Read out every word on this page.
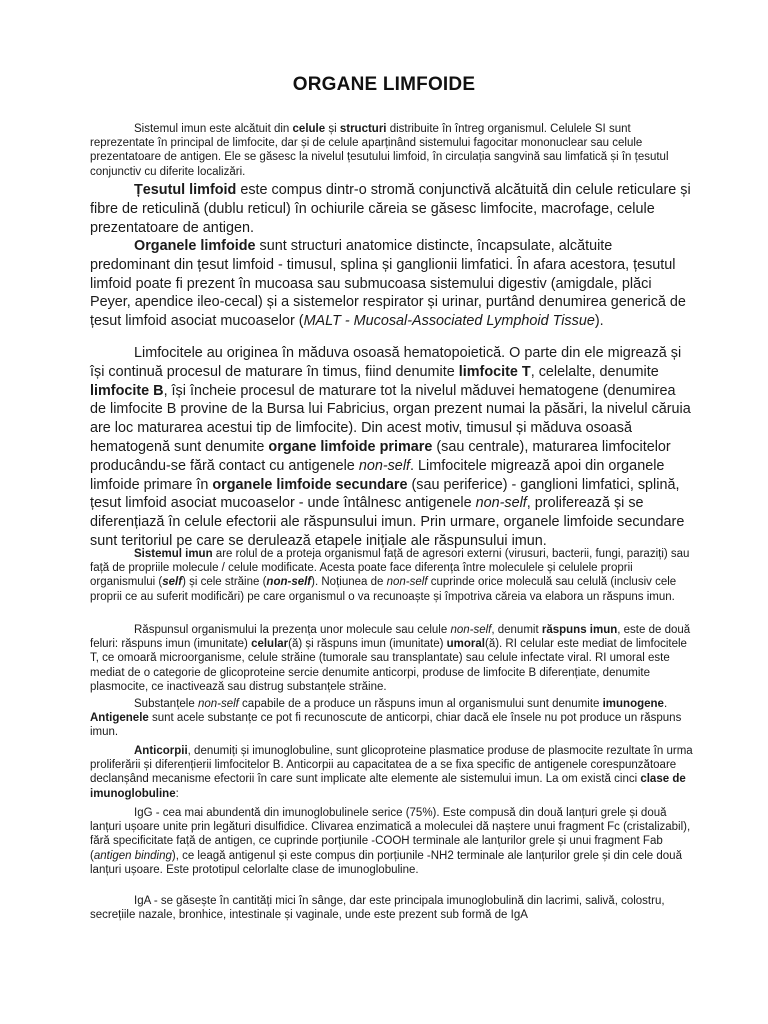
ORGANE LIMFOIDE

Sistemul imun este alcătuit din celule și structuri distribuite în întreg organismul. Celulele SI sunt reprezentate în principal de limfocite, dar și de celule aparținând sistemului fagocitar mononuclear sau celule prezentatoare de antigen. Ele se găsesc la nivelul țesutului limfoid, în circulația sangvină sau limfatică și în țesutul conjunctiv cu diferite localizări.

Țesutul limfoid este compus dintr-o stromă conjunctivă alcătuită din celule reticulare și fibre de reticulină (dublu reticul) în ochiurile căreia se găsesc limfocite, macrofage, celule prezentatoare de antigen.

Organele limfoide sunt structuri anatomice distincte, încapsulate, alcătuite predominant din țesut limfoid - timusul, splina și ganglionii limfatici. În afara acestora, țesutul limfoid poate fi prezent în mucoasa sau submucoasa sistemului digestiv (amigdale, plăci Peyer, apendice ileo-cecal) și a sistemelor respirator și urinar, purtând denumirea generică de țesut limfoid asociat mucoaselor (MALT - Mucosal-Associated Lymphoid Tissue).

Limfocitele au originea în măduva osoasă hematopoietică. O parte din ele migrează și își continuă procesul de maturare în timus, fiind denumite limfocite T, celelalte, denumite limfocite B, își încheie procesul de maturare tot la nivelul măduvei hematogene (denumirea de limfocite B provine de la Bursa lui Fabricius, organ prezent numai la păsări, la nivelul căruia are loc maturarea acestui tip de limfocite). Din acest motiv, timusul și măduva osoasă hematogenă sunt denumite organe limfoide primare (sau centrale), maturarea limfocitelor producându-se fără contact cu antigenele non-self. Limfocitele migrează apoi din organele limfoide primare în organele limfoide secundare (sau periferice) - ganglioni limfatici, splină, țesut limfoid asociat mucoaselor - unde întâlnesc antigenele non-self, proliferează și se diferențiază în celule efectorii ale răspunsului imun. Prin urmare, organele limfoide secundare sunt teritoriul pe care se derulează etapele inițiale ale răspunsului imun.

Sistemul imun are rolul de a proteja organismul față de agresori externi (virusuri, bacterii, fungi, paraziți) sau față de propriile molecule / celule modificate. Acesta poate face diferența între moleculele și celulele proprii organismului (self) și cele străine (non-self). Noțiunea de non-self cuprinde orice moleculă sau celulă (inclusiv cele proprii ce au suferit modificări) pe care organismul o va recunoaște și împotriva căreia va elabora un răspuns imun.

Răspunsul organismului la prezența unor molecule sau celule non-self, denumit răspuns imun, este de două feluri: răspuns imun (imunitate) celular(ă) și răspuns imun (imunitate) umoral(ă). RI celular este mediat de limfocitele T, ce omoară microorganisme, celule străine (tumorale sau transplantate) sau celule infectate viral. RI umoral este mediat de o categorie de glicoproteine sercie denumite anticorpi, produse de limfocite B diferențiate, denumite plasmocite, ce inactivează sau distrug substanțele străine.

Substanțele non-self capabile de a produce un răspuns imun al organismului sunt denumite imunogene. Antigenele sunt acele substanțe ce pot fi recunoscute de anticorpi, chiar dacă ele însele nu pot produce un răspuns imun.

Anticorpii, denumiți și imunoglobuline, sunt glicoproteine plasmatice produse de plasmocite rezultate în urma proliferării și diferențierii limfocitelor B. Anticorpii au capacitatea de a se fixa specific de antigenele corespunzătoare declanșând mecanisme efectorii în care sunt implicate alte elemente ale sistemului imun. La om există cinci clase de imunoglobuline:

IgG - cea mai abundentă din imunoglobulinele serice (75%). Este compusă din două lanțuri grele și două lanțuri ușoare unite prin legături disulfidice. Clivarea enzimatică a moleculei dă naștere unui fragment Fc (cristalizabil), fără specificitate față de antigen, ce cuprinde porțiunile -COOH terminale ale lanțurilor grele și unui fragment Fab (antigen binding), ce leagă antigenul și este compus din porțiunile -NH2 terminale ale lanțurilor grele și din cele două lanțuri ușoare. Este prototipul celorlalte clase de imunoglobuline.

IgA - se găsește în cantități mici în sânge, dar este principala imunoglobulină din lacrimi, salivă, colostru, secrețiile nazale, bronhice, intestinale și vaginale, unde este prezent sub formă de IgA
